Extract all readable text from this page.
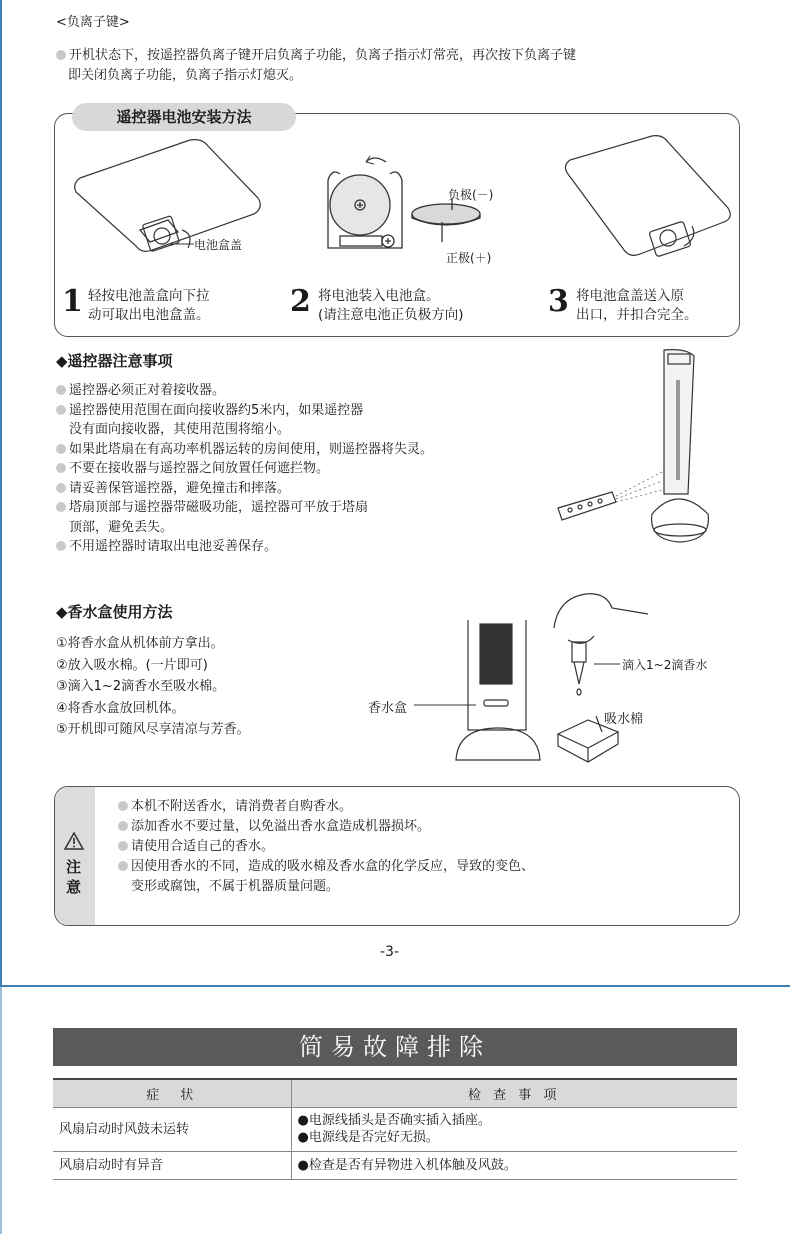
<负离子键>
开机状态下，按遥控器负离子键开启负离子功能，负离子指示灯常亮，再次按下负离子键
即关闭负离子功能，负离子指示灯熄灭。
遥控器电池安装方法
电池盒盖
负极(－)
正极(＋)
1 轻按电池盖盒向下拉
动可取出电池盒盖。	2 将电池装入电池盒。
(请注意电池正负极方向)	3 将电池盒盖送入原
出口，并扣合完全。
◆遥控器注意事项
遥控器必须正对着接收器。
遥控器使用范围在面向接收器约5米内，如果遥控器
没有面向接收器，其使用范围将缩小。
如果此塔扇在有高功率机器运转的房间使用，则遥控器将失灵。
不要在接收器与遥控器之间放置任何遮拦物。
请妥善保管遥控器，避免撞击和摔落。
塔扇顶部与遥控器带磁吸功能，遥控器可平放于塔扇
顶部，避免丢失。
不用遥控器时请取出电池妥善保存。
◆香水盒使用方法
①将香水盒从机体前方拿出。
②放入吸水棉。(一片即可)
③滴入1~2滴香水至吸水棉。
④将香水盒放回机体。
⑤开机即可随风尽享清凉与芳香。
香水盒
滴入1~2滴香水
吸水棉
注
意
本机不附送香水，请消费者自购香水。
添加香水不要过量，以免溢出香水盒造成机器损坏。
请使用合适自己的香水。
因使用香水的不同，造成的吸水棉及香水盒的化学反应，导致的变色、
变形或腐蚀，不属于机器质量问题。
-3-
简易故障排除
症　状	检 查 事 项
风扇启动时风鼓未运转	●电源线插头是否确实插入插座。
●电源线是否完好无损。

风扇启动时有异音	●检查是否有异物进入机体触及风鼓。
